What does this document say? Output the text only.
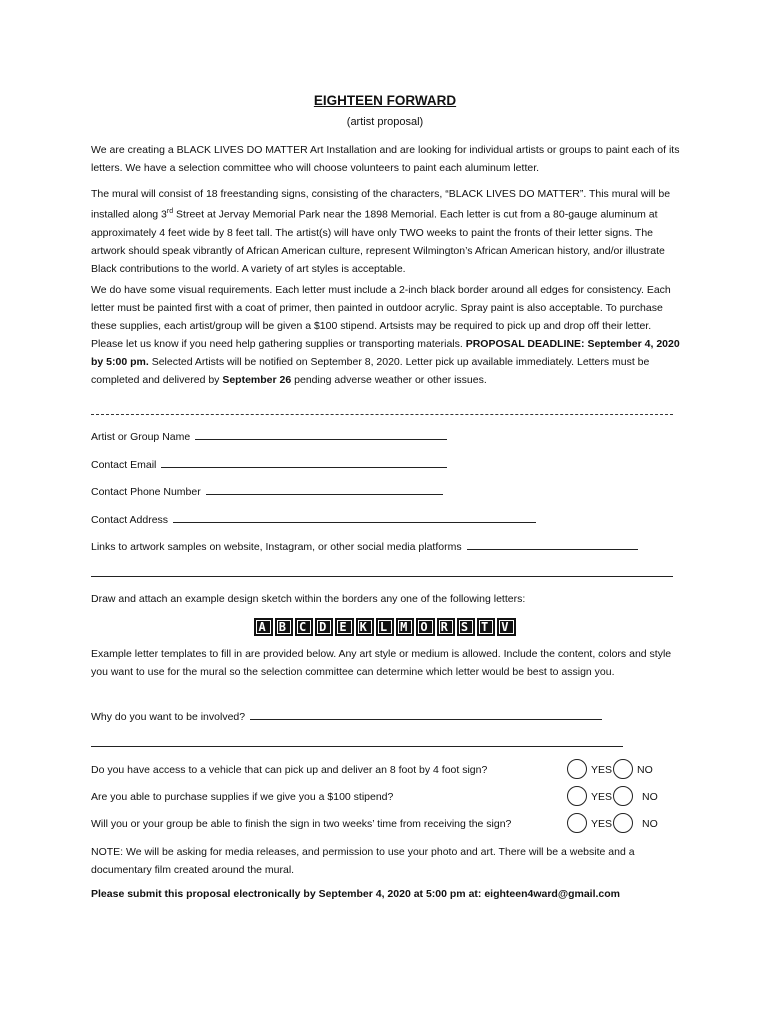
EIGHTEEN FORWARD
(artist proposal)

We are creating a BLACK LIVES DO MATTER Art Installation and are looking for individual artists or groups to paint each of its letters. We have a selection committee who will choose volunteers to paint each aluminum letter.

The mural will consist of 18 freestanding signs, consisting of the characters, “BLACK LIVES DO MATTER”. This mural will be installed along 3rd Street at Jervay Memorial Park near the 1898 Memorial. Each letter is cut from a 80-gauge aluminum at approximately 4 feet wide by 8 feet tall. The artist(s) will have only TWO weeks to paint the fronts of their letter signs. The artwork should speak vibrantly of African American culture, represent Wilmington’s African American history, and/or illustrate Black contributions to the world. A variety of art styles is acceptable.

We do have some visual requirements. Each letter must include a 2-inch black border around all edges for consistency. Each letter must be painted first with a coat of primer, then painted in outdoor acrylic. Spray paint is also acceptable. To purchase these supplies, each artist/group will be given a $100 stipend. Artsists may be required to pick up and drop off their letter. Please let us know if you need help gathering supplies or transporting materials. PROPOSAL DEADLINE: September 4, 2020 by 5:00 pm. Selected Artists will be notified on September 8, 2020. Letter pick up available immediately. Letters must be completed and delivered by September 26 pending adverse weather or other issues.

Artist or Group Name
Contact Email
Contact Phone Number
Contact Address
Links to artwork samples on website, Instagram, or other social media platforms
Draw and attach an example design sketch within the borders any one of the following letters:
A B C D E K L M O R S T V

Example letter templates to fill in are provided below. Any art style or medium is allowed. Include the content, colors and style you want to use for the mural so the selection committee can determine which letter would be best to assign you.

Why do you want to be involved?
Do you have access to a vehicle that can pick up and deliver an 8 foot by 4 foot sign?	YES NO
Are you able to purchase supplies if we give you a $100 stipend?	YES	NO
Will you or your group be able to finish the sign in two weeks’ time from receiving the sign?	YES	NO

NOTE: We will be asking for media releases, and permission to use your photo and art. There will be a website and a documentary film created around the mural.

Please submit this proposal electronically by September 4, 2020 at 5:00 pm at: eighteen4ward@gmail.com
